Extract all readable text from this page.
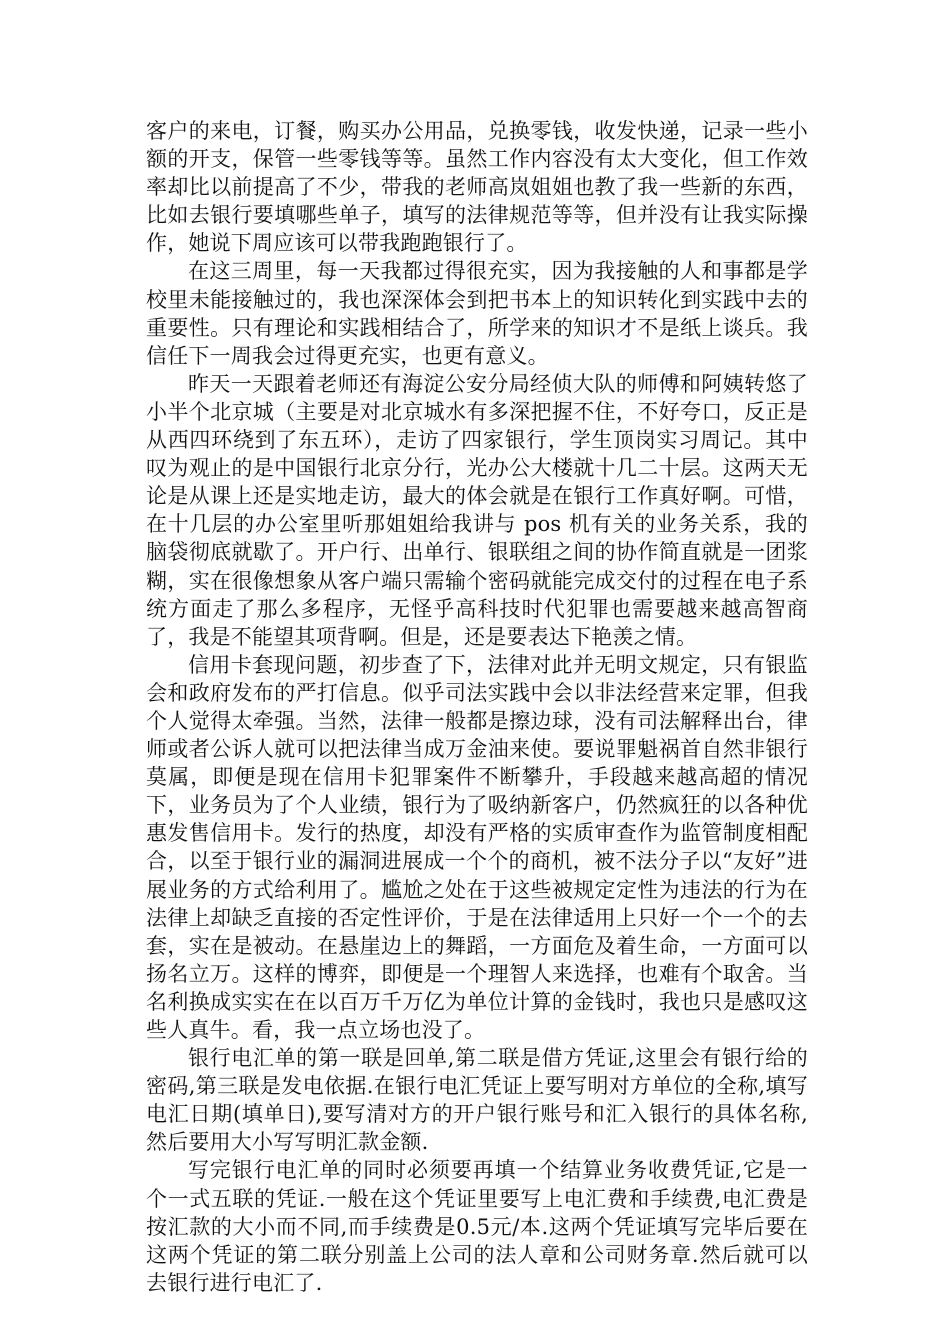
客户的来电，订餐，购买办公用品，兑换零钱，收发快递，记录一些小额的开支，保管一些零钱等等。虽然工作内容没有太大变化，但工作效率却比以前提高了不少，带我的老师高岚姐姐也教了我一些新的东西，比如去银行要填哪些单子，填写的法律规范等等，但并没有让我实际操作，她说下周应该可以带我跑跑银行了。

在这三周里，每一天我都过得很充实，因为我接触的人和事都是学校里未能接触过的，我也深深体会到把书本上的知识转化到实践中去的重要性。只有理论和实践相结合了，所学来的知识才不是纸上谈兵。我信任下一周我会过得更充实，也更有意义。

昨天一天跟着老师还有海淀公安分局经侦大队的师傅和阿姨转悠了小半个北京城（主要是对北京城水有多深把握不住，不好夸口，反正是从西四环绕到了东五环），走访了四家银行，学生顶岗实习周记。其中叹为观止的是中国银行北京分行，光办公大楼就十几二十层。这两天无论是从课上还是实地走访，最大的体会就是在银行工作真好啊。可惜，在十几层的办公室里听那姐姐给我讲与 pos 机有关的业务关系，我的脑袋彻底就歇了。开户行、出单行、银联组之间的协作简直就是一团浆糊，实在很像想象从客户端只需输个密码就能完成交付的过程在电子系统方面走了那么多程序，无怪乎高科技时代犯罪也需要越来越高智商了，我是不能望其项背啊。但是，还是要表达下艳羡之情。

信用卡套现问题，初步查了下，法律对此并无明文规定，只有银监会和政府发布的严打信息。似乎司法实践中会以非法经营来定罪，但我个人觉得太牵强。当然，法律一般都是擦边球，没有司法解释出台，律师或者公诉人就可以把法律当成万金油来使。要说罪魁祸首自然非银行莫属，即便是现在信用卡犯罪案件不断攀升，手段越来越高超的情况下，业务员为了个人业绩，银行为了吸纳新客户，仍然疯狂的以各种优惠发售信用卡。发行的热度，却没有严格的实质审查作为监管制度相配合，以至于银行业的漏洞进展成一个个的商机，被不法分子以“友好”进展业务的方式给利用了。尴尬之处在于这些被规定定性为违法的行为在法律上却缺乏直接的否定性评价，于是在法律适用上只好一个一个的去套，实在是被动。在悬崖边上的舞蹈，一方面危及着生命，一方面可以扬名立万。这样的博弈，即便是一个理智人来选择，也难有个取舍。当名利换成实实在在以百万千万亿为单位计算的金钱时，我也只是感叹这些人真牛。看，我一点立场也没了。

银行电汇单的第一联是回单,第二联是借方凭证,这里会有银行给的密码,第三联是发电依据.在银行电汇凭证上要写明对方单位的全称,填写电汇日期(填单日),要写清对方的开户银行账号和汇入银行的具体名称,然后要用大小写写明汇款金额.

写完银行电汇单的同时必须要再填一个结算业务收费凭证,它是一个一式五联的凭证.一般在这个凭证里要写上电汇费和手续费,电汇费是按汇款的大小而不同,而手续费是0.5元/本.这两个凭证填写完毕后要在这两个凭证的第二联分别盖上公司的法人章和公司财务章.然后就可以去银行进行电汇了.
